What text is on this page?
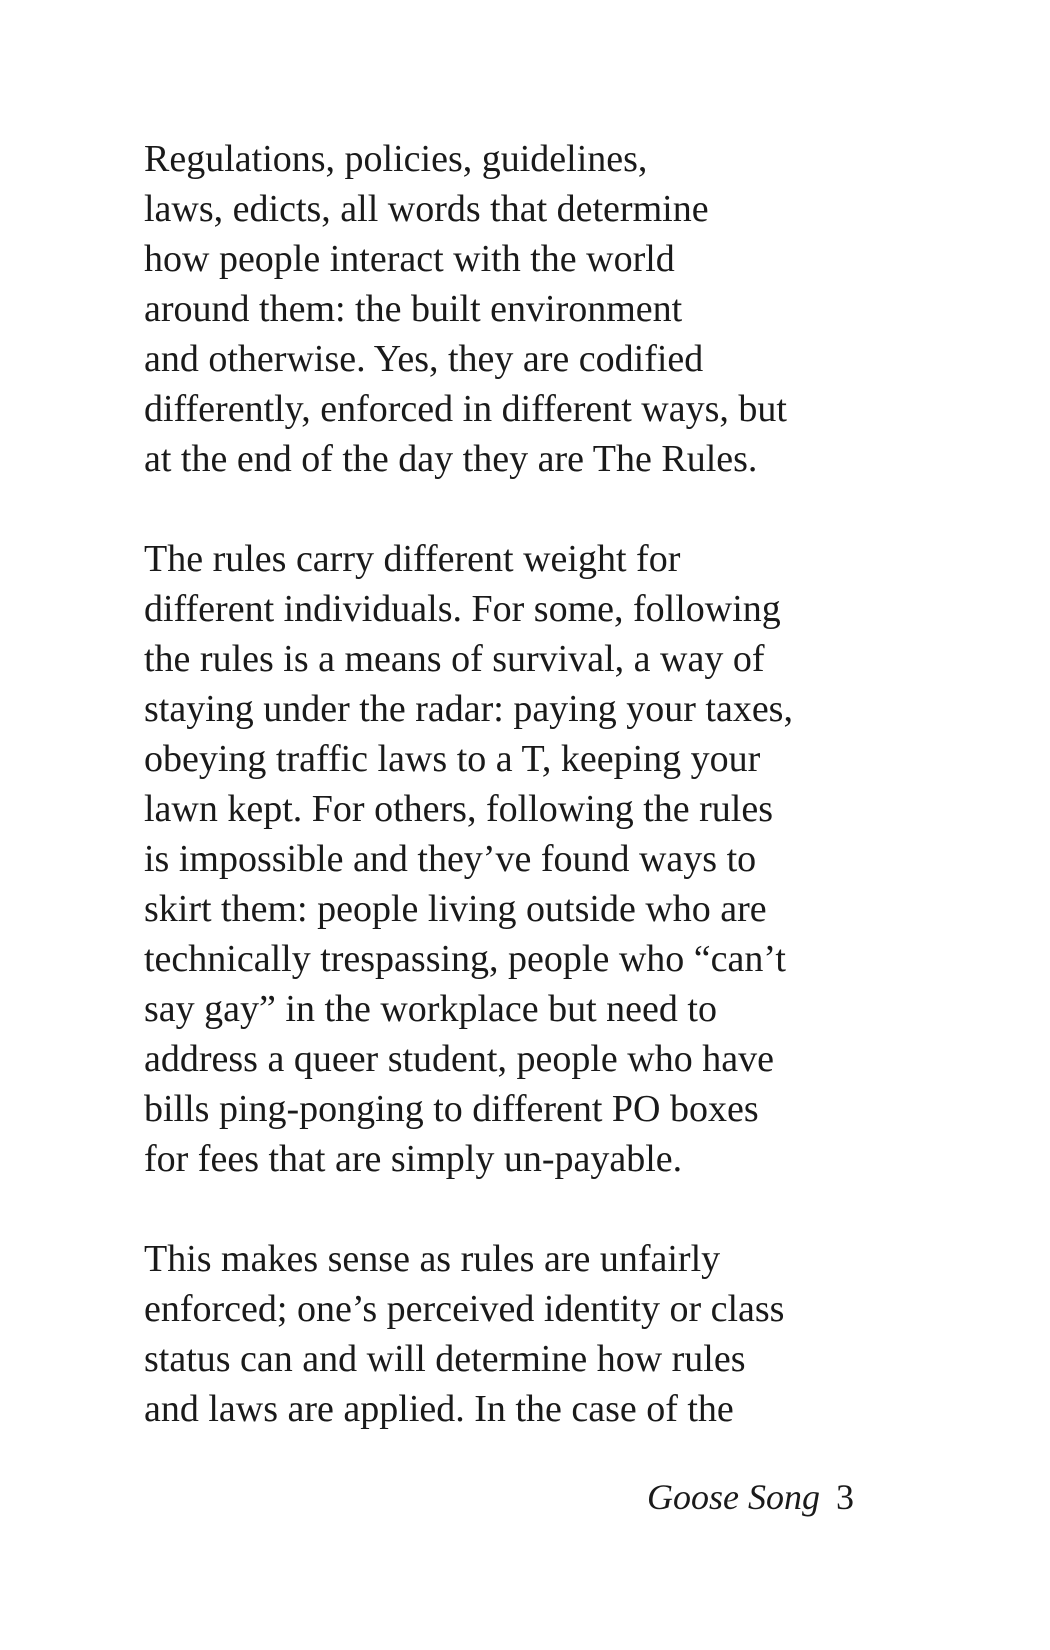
Regulations, policies, guidelines,
laws, edicts, all words that determine
how people interact with the world
around them: the built environment
and otherwise. Yes, they are codified
differently, enforced in different ways, but
at the end of the day they are The Rules.

The rules carry different weight for
different individuals. For some, following
the rules is a means of survival, a way of
staying under the radar: paying your taxes,
obeying traffic laws to a T, keeping your
lawn kept. For others, following the rules
is impossible and they’ve found ways to
skirt them: people living outside who are
technically trespassing, people who “can’t
say gay” in the workplace but need to
address a queer student, people who have
bills ping-ponging to different PO boxes
for fees that are simply un-payable.

This makes sense as rules are unfairly
enforced; one’s perceived identity or class
status can and will determine how rules
and laws are applied. In the case of the

Goose Song 3
